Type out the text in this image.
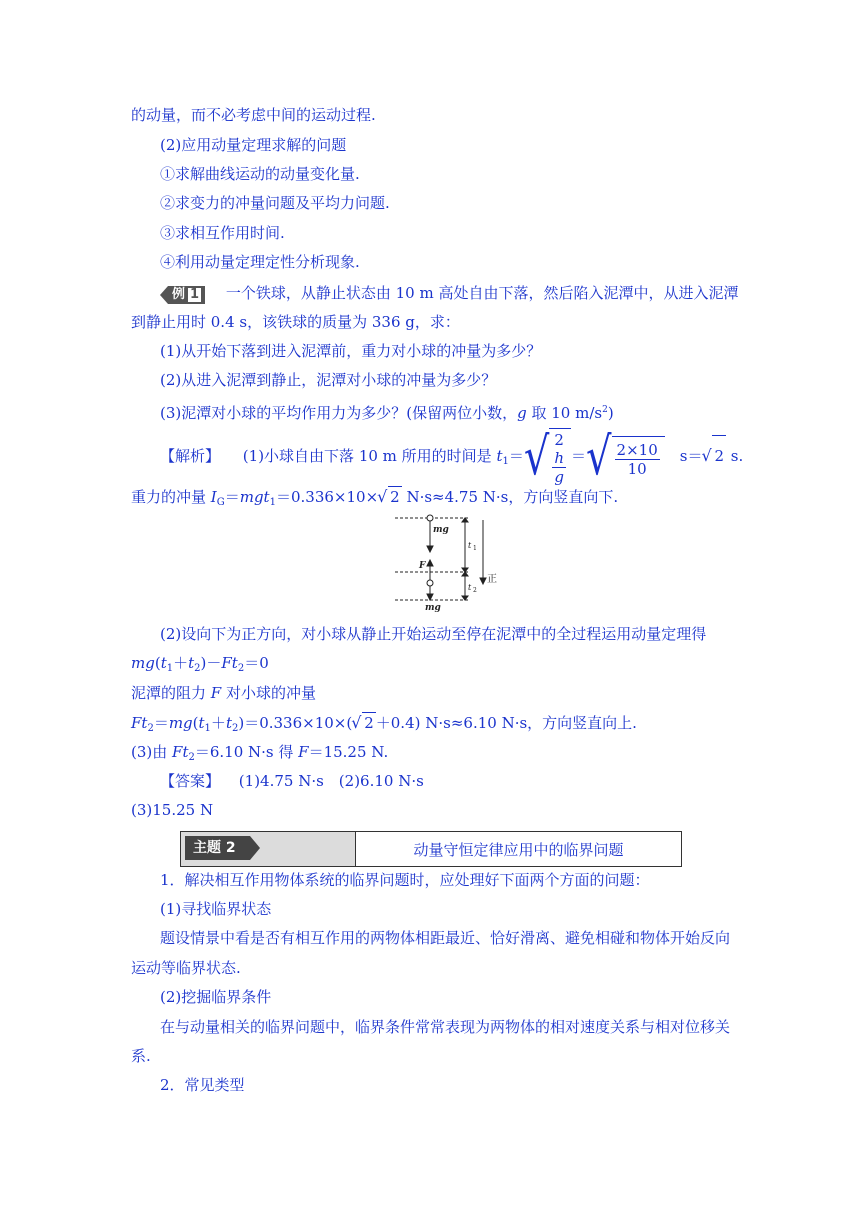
的动量，而不必考虑中间的运动过程.
(2)应用动量定理求解的问题
①求解曲线运动的动量变化量.
②求变力的冲量问题及平均力问题.
③求相互作用时间.
④利用动量定理定性分析现象.
例 1 一个铁球，从静止状态由 10 m 高处自由下落，然后陷入泥潭中，从进入泥潭
到静止用时 0.4 s，该铁球的质量为 336 g，求：
(1)从开始下落到进入泥潭前，重力对小球的冲量为多少？
(2)从进入泥潭到静止，泥潭对小球的冲量为多少？
(3)泥潭对小球的平均作用力为多少？(保留两位小数，g 取 10 $m/s^2$)
【解析】 (1)小球自由下落 10 m 所用的时间是 $t_1=$ √ 2
h
g ＝ √ $\frac{2\times 10}{10}$ 　s＝√ 2 s.
重力的冲量 $I_G=mgt_1=0.336\times 10\times√$ 2 N·s≈4.75 N·s，方向竖直向下.
mg
F
mg
t 1
t 2
正
(2)设向下为正方向，对小球从静止开始运动至停在泥潭中的全过程运用动量定理得
$mg(t_1+t_2)-Ft_2=0$
泥潭的阻力 F 对小球的冲量
$Ft_2=mg(t_1+t_2)=0.336\times 10\times(√$ 2 ＋0.4) N·s≈6.10 N·s，方向竖直向上.
(3)由 $Ft_2=6.10$ N·s 得 F＝15.25 N.
【答案】 (1)4.75 N·s　(2)6.10 N·s
(3)15.25 N
主题 2	动量守恒定律应用中的临界问题
1．解决相互作用物体系统的临界问题时，应处理好下面两个方面的问题：
(1)寻找临界状态
题设情景中看是否有相互作用的两物体相距最近、恰好滑离、避免相碰和物体开始反向
运动等临界状态.
(2)挖掘临界条件
在与动量相关的临界问题中，临界条件常常表现为两物体的相对速度关系与相对位移关
系.
2．常见类型
